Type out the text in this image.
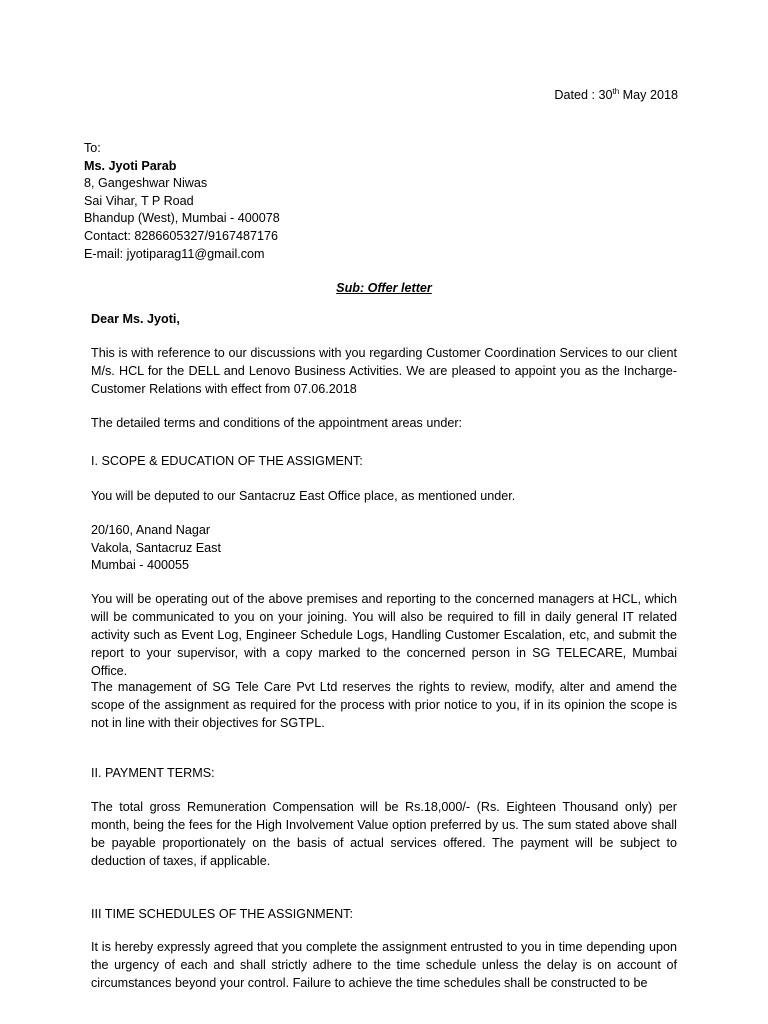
Dated : 30th May 2018
To:
Ms. Jyoti Parab
8, Gangeshwar Niwas
Sai Vihar, T P Road
Bhandup (West), Mumbai - 400078
Contact: 8286605327/9167487176
E-mail: jyotiparag11@gmail.com
Sub: Offer letter
Dear Ms. Jyoti,
This is with reference to our discussions with you regarding Customer Coordination Services to our client M/s. HCL for the DELL and Lenovo Business Activities. We are pleased to appoint you as the Incharge- Customer Relations with effect from 07.06.2018
The detailed terms and conditions of the appointment areas under:
I. SCOPE & EDUCATION OF THE ASSIGMENT:
You will be deputed to our Santacruz East Office place, as mentioned under.
20/160, Anand Nagar
Vakola, Santacruz East
Mumbai - 400055
You will be operating out of the above premises and reporting to the concerned managers at HCL, which will be communicated to you on your joining. You will also be required to fill in daily general IT related activity such as Event Log, Engineer Schedule Logs, Handling Customer Escalation, etc, and submit the report to your supervisor, with a copy marked to the concerned person in SG TELECARE, Mumbai Office.
The management of SG Tele Care Pvt Ltd reserves the rights to review, modify, alter and amend the scope of the assignment as required for the process with prior notice to you, if in its opinion the scope is not in line with their objectives for SGTPL.
II. PAYMENT TERMS:
The total gross Remuneration Compensation will be Rs.18,000/- (Rs. Eighteen Thousand only) per month, being the fees for the High Involvement Value option preferred by us. The sum stated above shall be payable proportionately on the basis of actual services offered. The payment will be subject to deduction of taxes, if applicable.
III TIME SCHEDULES OF THE ASSIGNMENT:
It is hereby expressly agreed that you complete the assignment entrusted to you in time depending upon the urgency of each and shall strictly adhere to the time schedule unless the delay is on account of circumstances beyond your control. Failure to achieve the time schedules shall be constructed to be
